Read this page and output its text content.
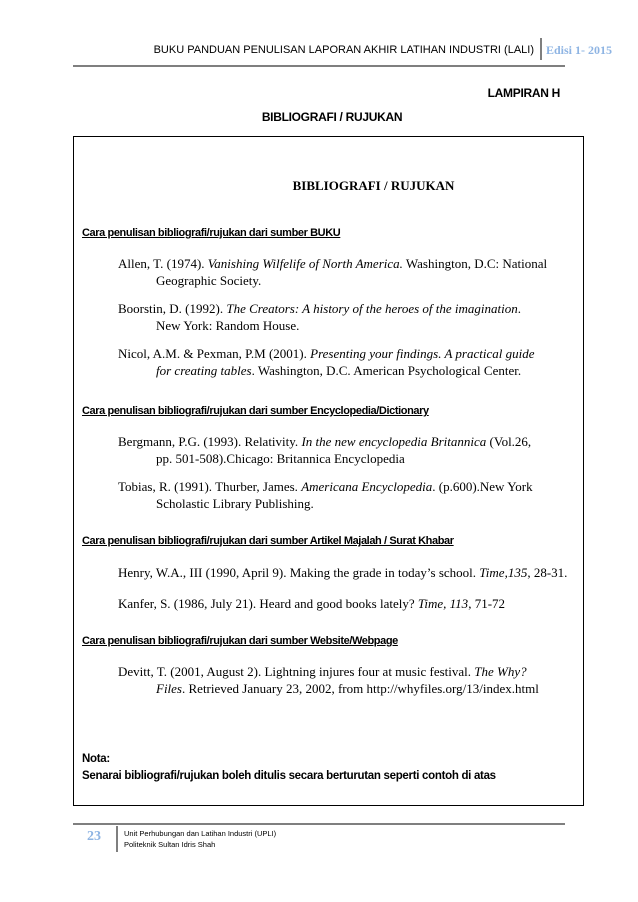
BUKU PANDUAN PENULISAN LAPORAN AKHIR LATIHAN INDUSTRI (LALI) Edisi 1- 2015
LAMPIRAN H
BIBLIOGRAFI / RUJUKAN
BIBLIOGRAFI / RUJUKAN
Cara penulisan bibliografi/rujukan dari sumber BUKU
Allen, T. (1974). Vanishing Wilfelife of North America. Washington, D.C: National
Geographic Society.
Boorstin, D. (1992). The Creators: A history of the heroes of the imagination.
New York: Random House.
Nicol, A.M. & Pexman, P.M (2001). Presenting your findings. A practical guide
for creating tables. Washington, D.C. American Psychological Center.
Cara penulisan bibliografi/rujukan dari sumber Encyclopedia/Dictionary
Bergmann, P.G. (1993). Relativity. In the new encyclopedia Britannica (Vol.26,
pp. 501-508).Chicago: Britannica Encyclopedia
Tobias, R. (1991). Thurber, James. Americana Encyclopedia. (p.600).New York
Scholastic Library Publishing.
Cara penulisan bibliografi/rujukan dari sumber Artikel Majalah / Surat Khabar
Henry, W.A., III (1990, April 9). Making the grade in today’s school. Time,135, 28-31.
Kanfer, S. (1986, July 21). Heard and good books lately? Time, 113, 71-72
Cara penulisan bibliografi/rujukan dari sumber Website/Webpage
Devitt, T. (2001, August 2). Lightning injures four at music festival. The Why?
Files. Retrieved January 23, 2002, from http://whyfiles.org/13/index.html
Nota:
Senarai bibliografi/rujukan boleh ditulis secara berturutan seperti contoh di atas
23	Unit Perhubungan dan Latihan Industri (UPLI)
Politeknik Sultan Idris Shah
